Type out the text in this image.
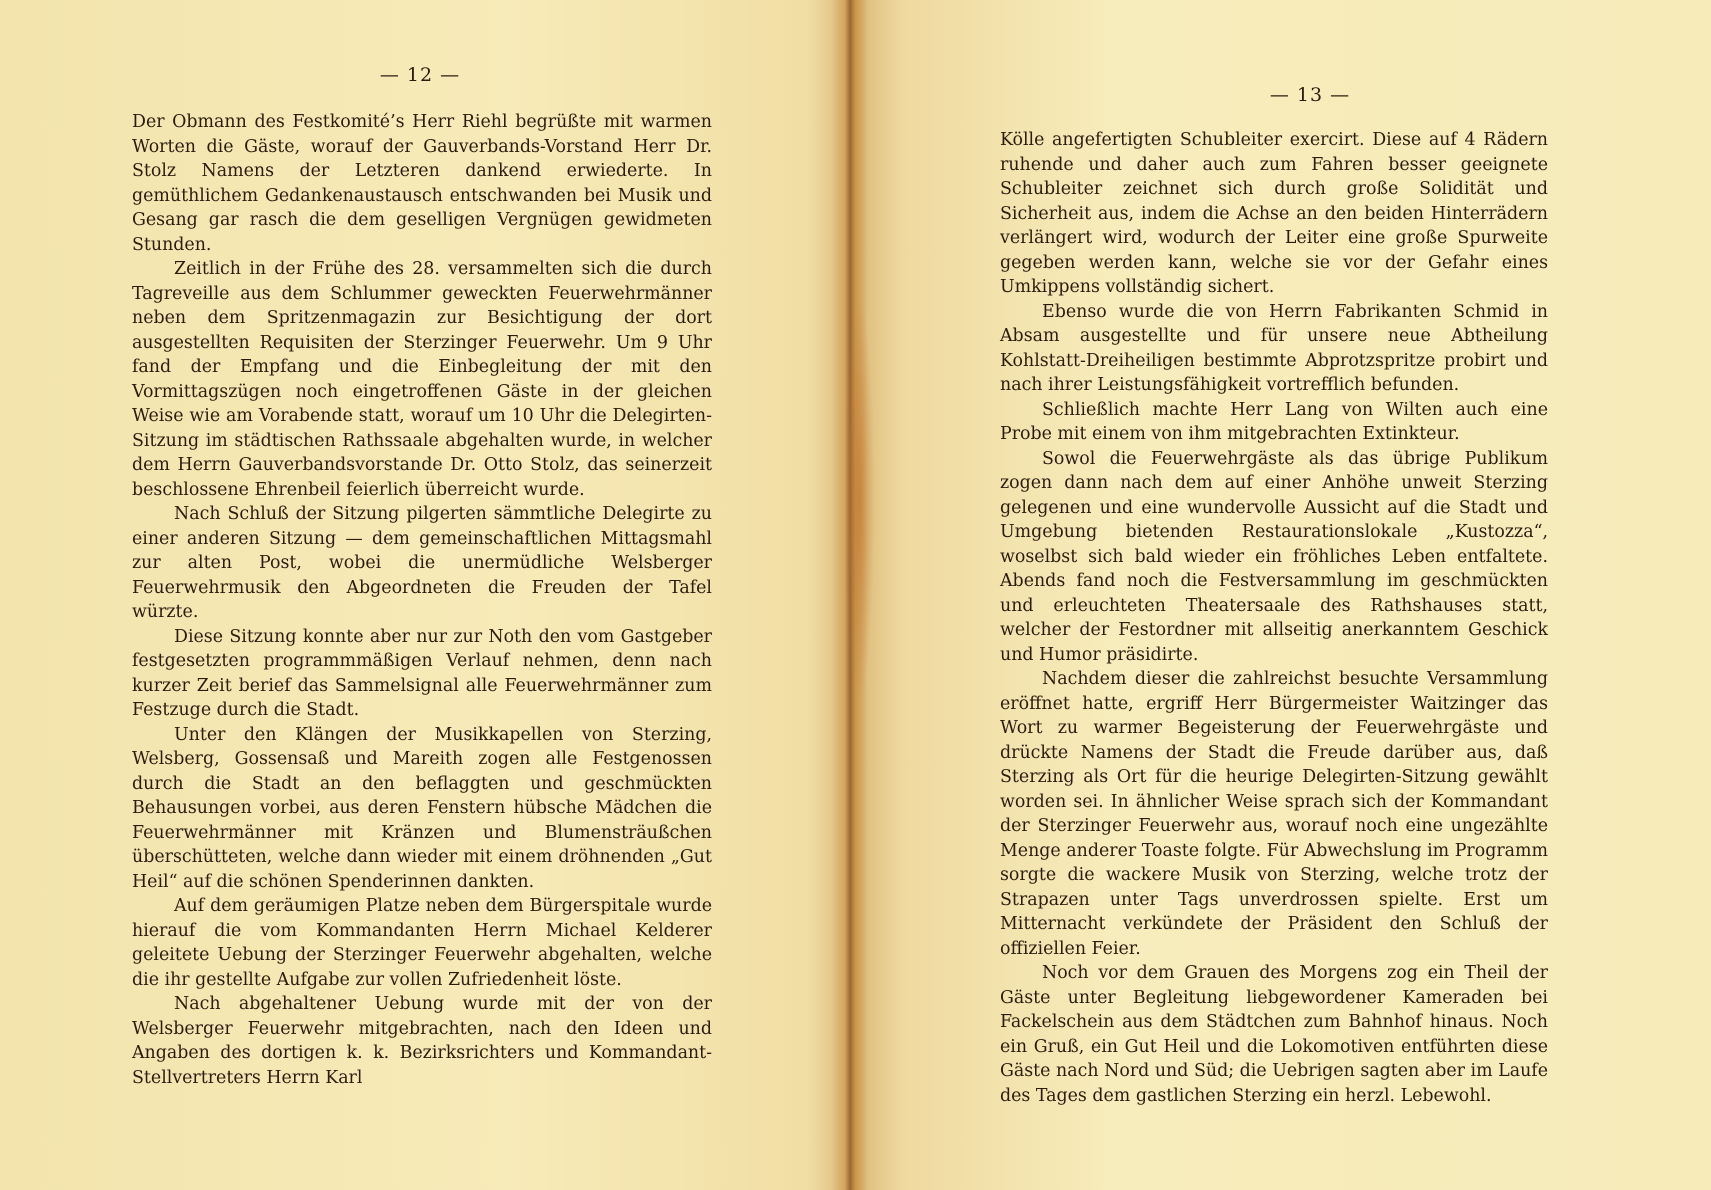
— 12 —

Der Obmann des Festkomité’s Herr Riehl begrüßte mit warmen Worten die Gäste, worauf der Gauverbands-Vorstand Herr Dr. Stolz Namens der Letzteren dankend erwiederte. In gemüthlichem Gedankenaustausch entschwanden bei Musik und Gesang gar rasch die dem geselligen Vergnügen gewidmeten Stunden.

Zeitlich in der Frühe des 28. versammelten sich die durch Tagreveille aus dem Schlummer geweckten Feuerwehrmänner neben dem Spritzenmagazin zur Besichtigung der dort ausgestellten Requisiten der Sterzinger Feuerwehr. Um 9 Uhr fand der Empfang und die Einbegleitung der mit den Vormittagszügen noch eingetroffenen Gäste in der gleichen Weise wie am Vorabende statt, worauf um 10 Uhr die Delegirten-Sitzung im städtischen Rathssaale abgehalten wurde, in welcher dem Herrn Gauverbandsvorstande Dr. Otto Stolz, das seinerzeit beschlossene Ehrenbeil feierlich überreicht wurde.

Nach Schluß der Sitzung pilgerten sämmtliche Delegirte zu einer anderen Sitzung — dem gemeinschaftlichen Mittagsmahl zur alten Post, wobei die unermüdliche Welsberger Feuerwehrmusik den Abgeordneten die Freuden der Tafel würzte.

Diese Sitzung konnte aber nur zur Noth den vom Gastgeber festgesetzten programmmäßigen Verlauf nehmen, denn nach kurzer Zeit berief das Sammelsignal alle Feuerwehrmänner zum Festzuge durch die Stadt.

Unter den Klängen der Musikkapellen von Sterzing, Welsberg, Gossensaß und Mareith zogen alle Festgenossen durch die Stadt an den beflaggten und geschmückten Behausungen vorbei, aus deren Fenstern hübsche Mädchen die Feuerwehrmänner mit Kränzen und Blumensträußchen überschütteten, welche dann wieder mit einem dröhnenden „Gut Heil“ auf die schönen Spenderinnen dankten.

Auf dem geräumigen Platze neben dem Bürgerspitale wurde hierauf die vom Kommandanten Herrn Michael Kelderer geleitete Uebung der Sterzinger Feuerwehr abgehalten, welche die ihr gestellte Aufgabe zur vollen Zufriedenheit löste.

Nach abgehaltener Uebung wurde mit der von der Welsberger Feuerwehr mitgebrachten, nach den Ideen und Angaben des dortigen k. k. Bezirksrichters und Kommandant-Stellvertreters Herrn Karl

— 13 —

Kölle angefertigten Schubleiter exercirt. Diese auf 4 Rädern ruhende und daher auch zum Fahren besser geeignete Schubleiter zeichnet sich durch große Solidität und Sicherheit aus, indem die Achse an den beiden Hinterrädern verlängert wird, wodurch der Leiter eine große Spurweite gegeben werden kann, welche sie vor der Gefahr eines Umkippens vollständig sichert.

Ebenso wurde die von Herrn Fabrikanten Schmid in Absam ausgestellte und für unsere neue Abtheilung Kohlstatt-Dreiheiligen bestimmte Abprotzspritze probirt und nach ihrer Leistungsfähigkeit vortrefflich befunden.

Schließlich machte Herr Lang von Wilten auch eine Probe mit einem von ihm mitgebrachten Extinkteur.

Sowol die Feuerwehrgäste als das übrige Publikum zogen dann nach dem auf einer Anhöhe unweit Sterzing gelegenen und eine wundervolle Aussicht auf die Stadt und Umgebung bietenden Restaurationslokale „Kustozza“, woselbst sich bald wieder ein fröhliches Leben entfaltete. Abends fand noch die Festversammlung im geschmückten und erleuchteten Theatersaale des Rathshauses statt, welcher der Festordner mit allseitig anerkanntem Geschick und Humor präsidirte.

Nachdem dieser die zahlreichst besuchte Versammlung eröffnet hatte, ergriff Herr Bürgermeister Waitzinger das Wort zu warmer Begeisterung der Feuerwehrgäste und drückte Namens der Stadt die Freude darüber aus, daß Sterzing als Ort für die heurige Delegirten-Sitzung gewählt worden sei. In ähnlicher Weise sprach sich der Kommandant der Sterzinger Feuerwehr aus, worauf noch eine ungezählte Menge anderer Toaste folgte. Für Abwechslung im Programm sorgte die wackere Musik von Sterzing, welche trotz der Strapazen unter Tags unverdrossen spielte. Erst um Mitternacht verkündete der Präsident den Schluß der offiziellen Feier.

Noch vor dem Grauen des Morgens zog ein Theil der Gäste unter Begleitung liebgewordener Kameraden bei Fackelschein aus dem Städtchen zum Bahnhof hinaus. Noch ein Gruß, ein Gut Heil und die Lokomotiven entführten diese Gäste nach Nord und Süd; die Uebrigen sagten aber im Laufe des Tages dem gastlichen Sterzing ein herzl. Lebewohl.
